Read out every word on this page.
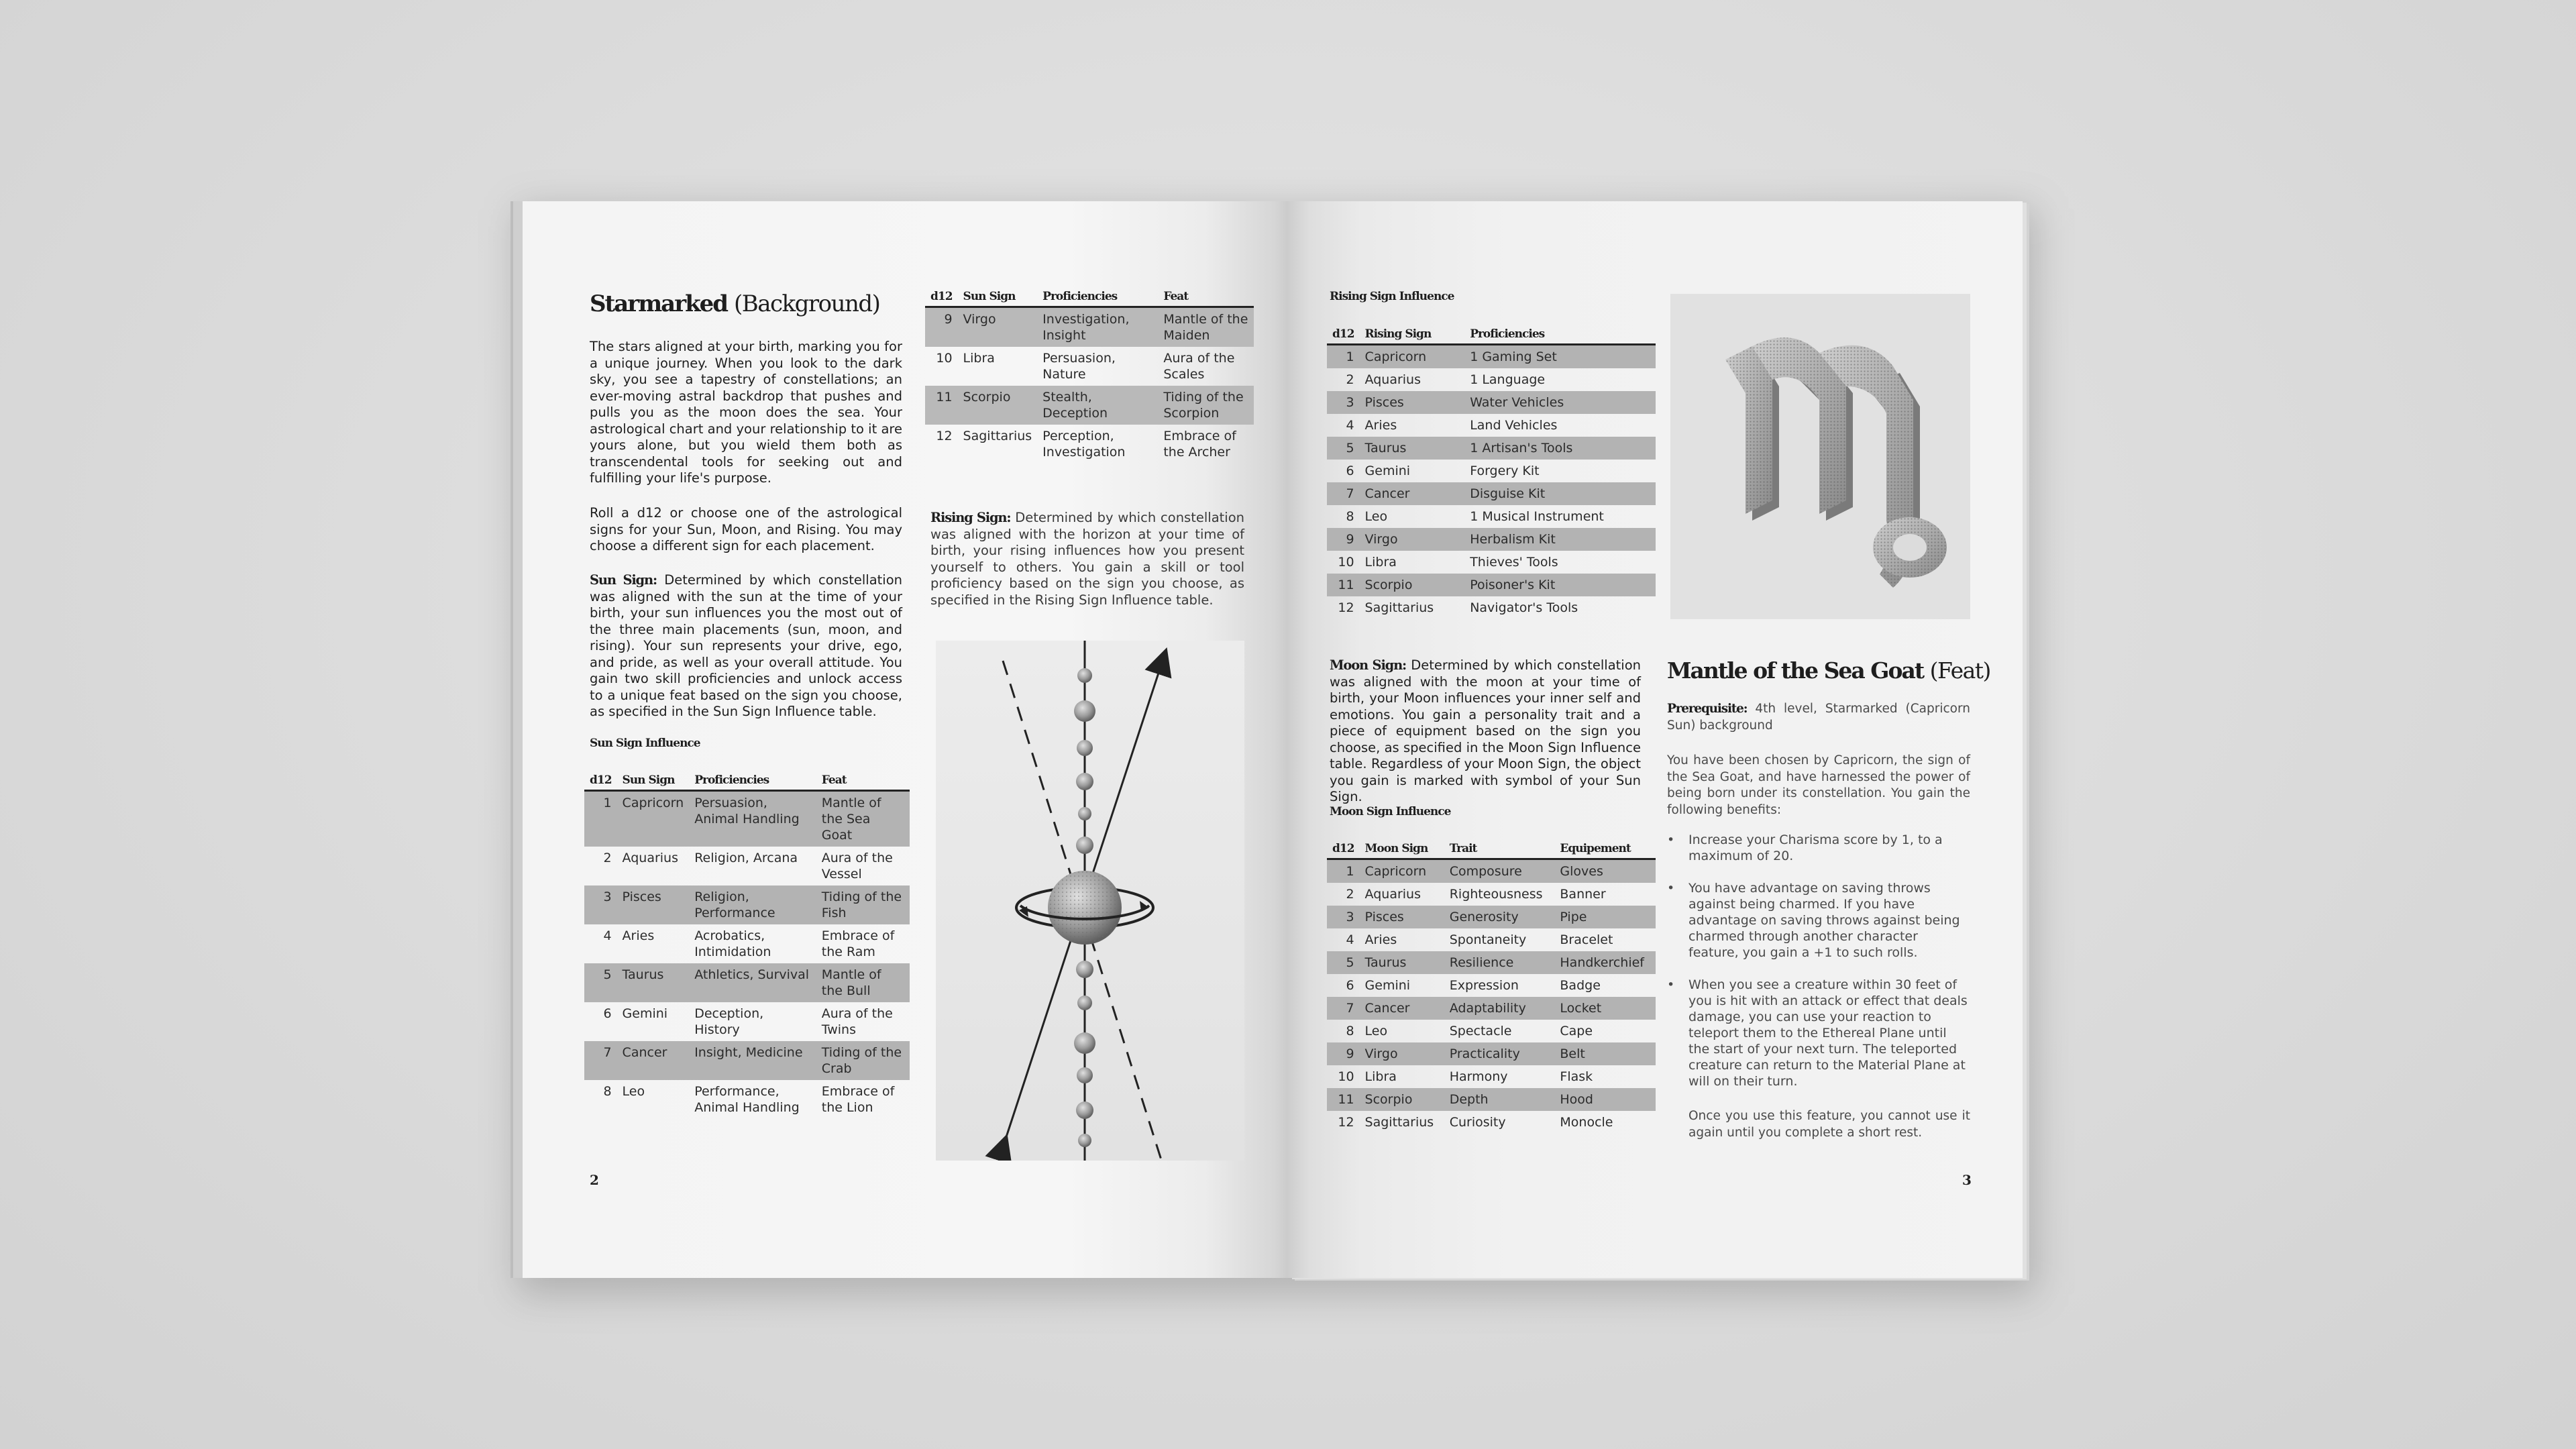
Starmarked (Background)

The stars aligned at your birth, marking you for a unique journey. When you look to the dark sky, you see a tapestry of constellations; an ever-moving astral backdrop that pushes and pulls you as the moon does the sea. Your astrological chart and your relationship to it are yours alone, but you wield them both as transcendental tools for seeking out and fulfilling your life's purpose.

Roll a d12 or choose one of the astrological signs for your Sun, Moon, and Rising. You may choose a different sign for each placement.

Sun Sign: Determined by which constellation was aligned with the sun at the time of your birth, your sun influences you the most out of the three main placements (sun, moon, and rising). Your sun represents your drive, ego, and pride, as well as your overall attitude. You gain two skill proficiencies and unlock access to a unique feat based on the sign you choose, as specified in the Sun Sign Influence table.

Sun Sign Influence

d12	Sun Sign	Proficiencies	Feat
1	Capricorn	Persuasion, Animal Handling	Mantle of the Sea Goat
2	Aquarius	Religion, Arcana	Aura of the Vessel
3	Pisces	Religion, Performance	Tiding of the Fish
4	Aries	Acrobatics, Intimidation	Embrace of the Ram
5	Taurus	Athletics, Survival	Mantle of the Bull
6	Gemini	Deception, History	Aura of the Twins
7	Cancer	Insight, Medicine	Tiding of the Crab
8	Leo	Performance, Animal Handling	Embrace of the Lion
d12	Sun Sign	Proficiencies	Feat
9	Virgo	Investigation, Insight	Mantle of the Maiden
10	Libra	Persuasion, Nature	Aura of the Scales
11	Scorpio	Stealth, Deception	Tiding of the Scorpion
12	Sagittarius	Perception, Investigation	Embrace of the Archer

Rising Sign: Determined by which constellation was aligned with the horizon at your time of birth, your rising influences how you present yourself to others. You gain a skill or tool proficiency based on the sign you choose, as specified in the Rising Sign Influence table.

2

Rising Sign Influence

d12	Rising Sign	Proficiencies
1	Capricorn	1 Gaming Set
2	Aquarius	1 Language
3	Pisces	Water Vehicles
4	Aries	Land Vehicles
5	Taurus	1 Artisan's Tools
6	Gemini	Forgery Kit
7	Cancer	Disguise Kit
8	Leo	1 Musical Instrument
9	Virgo	Herbalism Kit
10	Libra	Thieves' Tools
11	Scorpio	Poisoner's Kit
12	Sagittarius	Navigator's Tools

Moon Sign: Determined by which constellation was aligned with the moon at your time of birth, your Moon influences your inner self and emotions. You gain a personality trait and a piece of equipment based on the sign you choose, as specified in the Moon Sign Influence table. Regardless of your Moon Sign, the object you gain is marked with symbol of your Sun Sign.

Moon Sign Influence

d12	Moon Sign	Trait	Equipement
1	Capricorn	Composure	Gloves
2	Aquarius	Righteousness	Banner
3	Pisces	Generosity	Pipe
4	Aries	Spontaneity	Bracelet
5	Taurus	Resilience	Handkerchief
6	Gemini	Expression	Badge
7	Cancer	Adaptability	Locket
8	Leo	Spectacle	Cape
9	Virgo	Practicality	Belt
10	Libra	Harmony	Flask
11	Scorpio	Depth	Hood
12	Sagittarius	Curiosity	Monocle
Mantle of the Sea Goat (Feat)

Prerequisite: 4th level, Starmarked (Capricorn Sun) background

You have been chosen by Capricorn, the sign of the Sea Goat, and have harnessed the power of being born under its constellation. You gain the following benefits:

• Increase your Charisma score by 1, to a maximum of 20.
• You have advantage on saving throws against being charmed. If you have advantage on saving throws against being charmed through another character feature, you gain a +1 to such rolls.
• When you see a creature within 30 feet of you is hit with an attack or effect that deals damage, you can use your reaction to teleport them to the Ethereal Plane until the start of your next turn. The teleported creature can return to the Material Plane at will on their turn.

Once you use this feature, you cannot use it again until you complete a short rest.

3
